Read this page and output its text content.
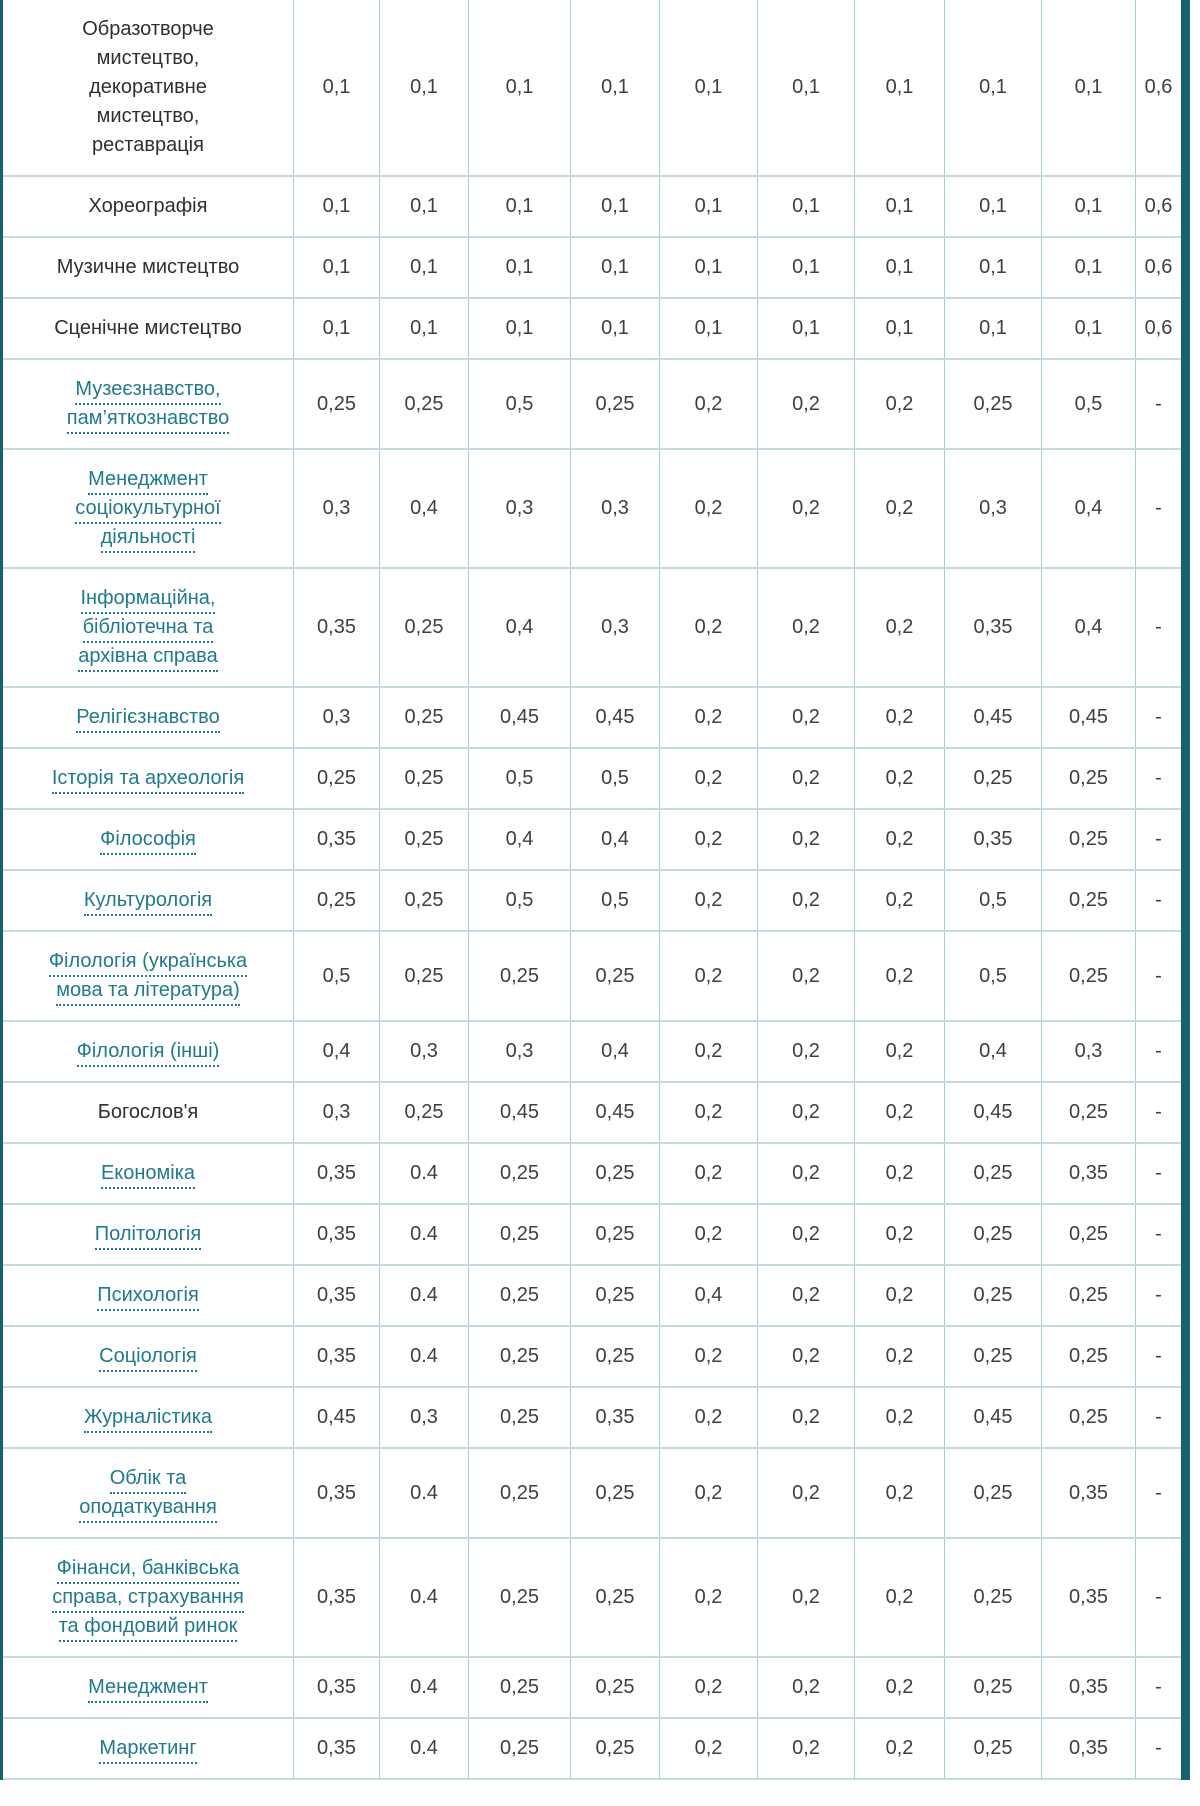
Образотворче мистецтво, декоративне мистецтво, реставрація	0,1	0,1	0,1	0,1	0,1	0,1	0,1	0,1	0,1	0,6
Хореографія	0,1	0,1	0,1	0,1	0,1	0,1	0,1	0,1	0,1	0,6
Музичне мистецтво	0,1	0,1	0,1	0,1	0,1	0,1	0,1	0,1	0,1	0,6
Сценічне мистецтво	0,1	0,1	0,1	0,1	0,1	0,1	0,1	0,1	0,1	0,6
Музеєзнавство, пам’яткознавство	0,25	0,25	0,5	0,25	0,2	0,2	0,2	0,25	0,5	-
Менеджмент соціокультурної діяльності	0,3	0,4	0,3	0,3	0,2	0,2	0,2	0,3	0,4	-
Інформаційна, бібліотечна та архівна справа	0,35	0,25	0,4	0,3	0,2	0,2	0,2	0,35	0,4	-
Релігієзнавство	0,3	0,25	0,45	0,45	0,2	0,2	0,2	0,45	0,45	-
Історія та археологія	0,25	0,25	0,5	0,5	0,2	0,2	0,2	0,25	0,25	-
Філософія	0,35	0,25	0,4	0,4	0,2	0,2	0,2	0,35	0,25	-
Культурологія	0,25	0,25	0,5	0,5	0,2	0,2	0,2	0,5	0,25	-
Філологія (українська мова та література)	0,5	0,25	0,25	0,25	0,2	0,2	0,2	0,5	0,25	-
Філологія (інші)	0,4	0,3	0,3	0,4	0,2	0,2	0,2	0,4	0,3	-
Богослов'я	0,3	0,25	0,45	0,45	0,2	0,2	0,2	0,45	0,25	-
Економіка	0,35	0.4	0,25	0,25	0,2	0,2	0,2	0,25	0,35	-
Політологія	0,35	0.4	0,25	0,25	0,2	0,2	0,2	0,25	0,25	-
Психологія	0,35	0.4	0,25	0,25	0,4	0,2	0,2	0,25	0,25	-
Соціологія	0,35	0.4	0,25	0,25	0,2	0,2	0,2	0,25	0,25	-
Журналістика	0,45	0,3	0,25	0,35	0,2	0,2	0,2	0,45	0,25	-
Облік та оподаткування	0,35	0.4	0,25	0,25	0,2	0,2	0,2	0,25	0,35	-
Фінанси, банківська справа, страхування та фондовий ринок	0,35	0.4	0,25	0,25	0,2	0,2	0,2	0,25	0,35	-
Менеджмент	0,35	0.4	0,25	0,25	0,2	0,2	0,2	0,25	0,35	-
Маркетинг	0,35	0.4	0,25	0,25	0,2	0,2	0,2	0,25	0,35	-
